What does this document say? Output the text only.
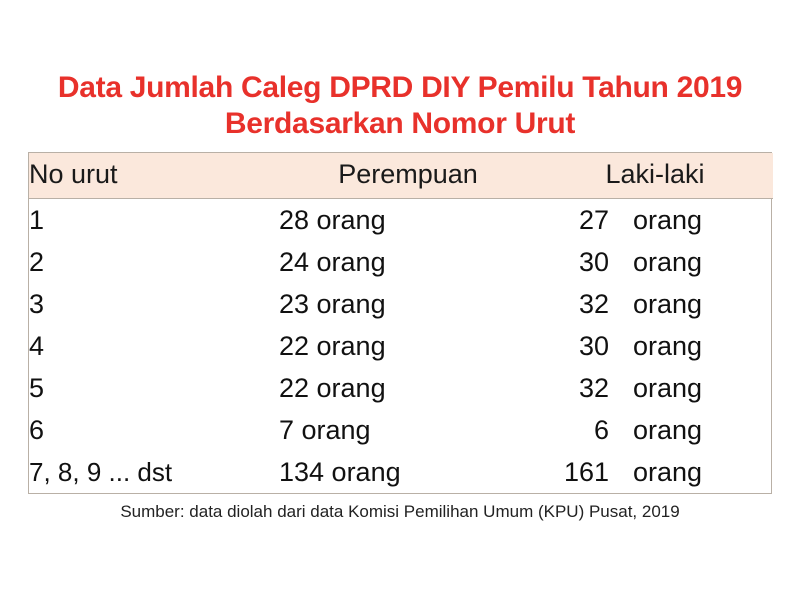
Data Jumlah Caleg DPRD DIY Pemilu Tahun 2019
Berdasarkan Nomor Urut
No urut	Perempuan	Laki-laki
1	28 orang	27 orang
2	24 orang	30 orang
3	23 orang	32 orang
4	22 orang	30 orang
5	22 orang	32 orang
6	7 orang	6 orang
7, 8, 9 ... dst	134 orang	161 orang
Sumber: data diolah dari data Komisi Pemilihan Umum (KPU) Pusat, 2019
